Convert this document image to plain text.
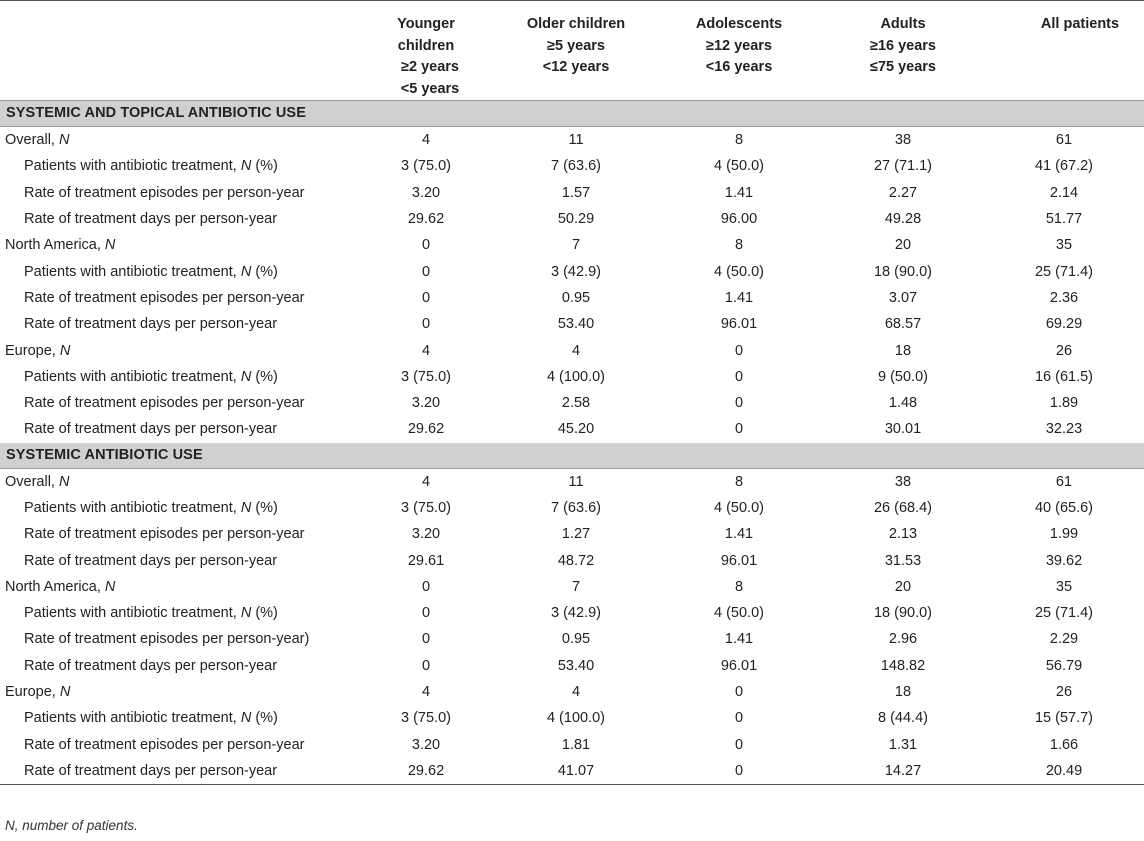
	Younger
children
≥2 years
<5 years	Older children
≥5 years
<12 years	Adolescents
≥12 years
<16 years	Adults
≥16 years
≤75 years	All patients

SYSTEMIC AND TOPICAL ANTIBIOTIC USE					
Overall, N	4	11	8	38	61
Patients with antibiotic treatment, N (%)	3 (75.0)	7 (63.6)	4 (50.0)	27 (71.1)	41 (67.2)
Rate of treatment episodes per person-year	3.20	1.57	1.41	2.27	2.14
Rate of treatment days per person-year	29.62	50.29	96.00	49.28	51.77
North America, N	0	7	8	20	35
Patients with antibiotic treatment, N (%)	0	3 (42.9)	4 (50.0)	18 (90.0)	25 (71.4)
Rate of treatment episodes per person-year	0	0.95	1.41	3.07	2.36
Rate of treatment days per person-year	0	53.40	96.01	68.57	69.29
Europe, N	4	4	0	18	26
Patients with antibiotic treatment, N (%)	3 (75.0)	4 (100.0)	0	9 (50.0)	16 (61.5)
Rate of treatment episodes per person-year	3.20	2.58	0	1.48	1.89
Rate of treatment days per person-year	29.62	45.20	0	30.01	32.23
SYSTEMIC ANTIBIOTIC USE					
Overall, N	4	11	8	38	61
Patients with antibiotic treatment, N (%)	3 (75.0)	7 (63.6)	4 (50.0)	26 (68.4)	40 (65.6)
Rate of treatment episodes per person-year	3.20	1.27	1.41	2.13	1.99
Rate of treatment days per person-year	29.61	48.72	96.01	31.53	39.62
North America, N	0	7	8	20	35
Patients with antibiotic treatment, N (%)	0	3 (42.9)	4 (50.0)	18 (90.0)	25 (71.4)
Rate of treatment episodes per person-year)	0	0.95	1.41	2.96	2.29
Rate of treatment days per person-year	0	53.40	96.01	148.82	56.79
Europe, N	4	4	0	18	26
Patients with antibiotic treatment, N (%)	3 (75.0)	4 (100.0)	0	8 (44.4)	15 (57.7)
Rate of treatment episodes per person-year	3.20	1.81	0	1.31	1.66
Rate of treatment days per person-year	29.62	41.07	0	14.27	20.49
N, number of patients.
